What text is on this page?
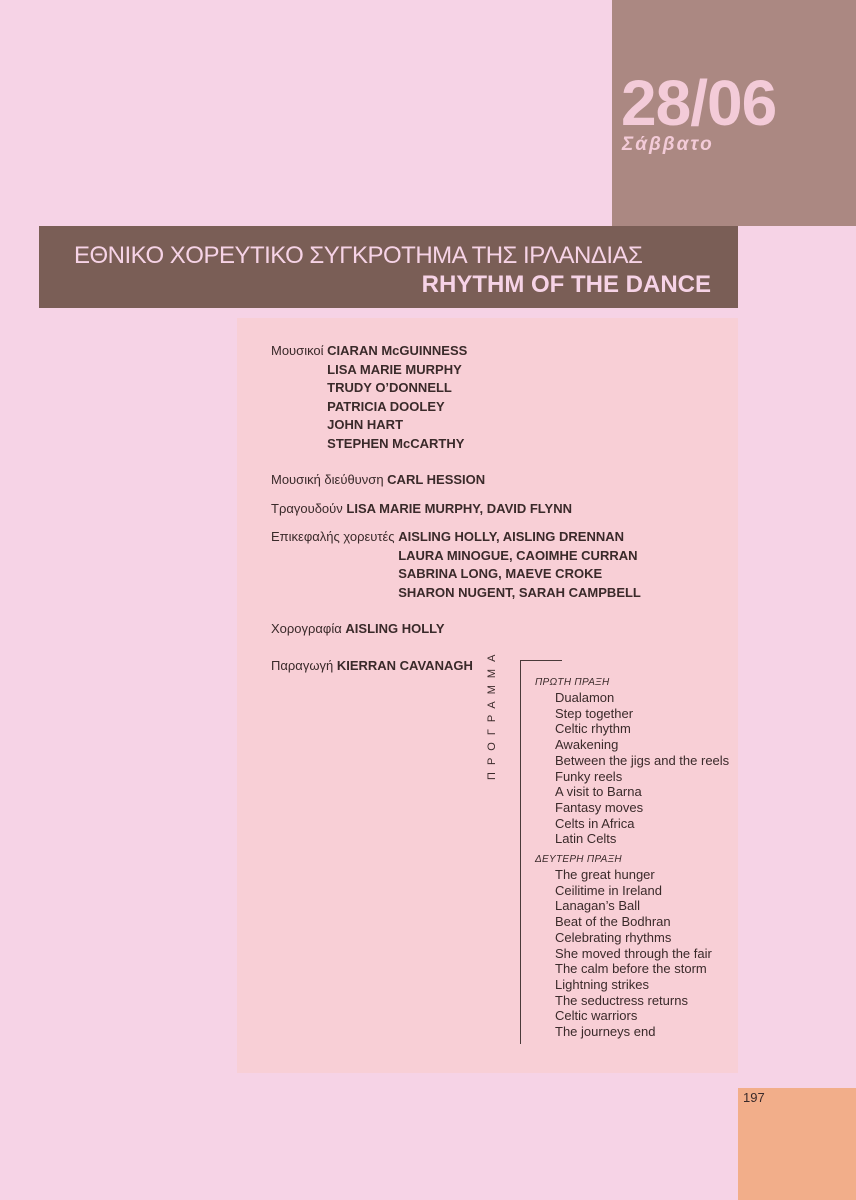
28/06
Σάββατο
ΕΘΝΙΚΟ ΧΟΡΕΥΤΙΚΟ ΣΥΓΚΡΟΤΗΜΑ ΤΗΣ ΙΡΛΑΝΔΙΑΣ
RHYTHM OF THE DANCE
Μουσικοί CIARAN McGUINNESS
LISA MARIE MURPHY
TRUDY O’DONNELL
PATRICIA DOOLEY
JOHN HART
STEPHEN McCARTHY
Μουσική διεύθυνση CARL HESSION
Τραγουδούν LISA MARIE MURPHY, DAVID FLYNN
Επικεφαλής χορευτές AISLING HOLLY, AISLING DRENNAN
LAURA MINOGUE, CAOIMHE CURRAN
SABRINA LONG, MAEVE CROKE
SHARON NUGENT, SARAH CAMPBELL
Χορογραφία AISLING HOLLY
Παραγωγή KIERRAN CAVANAGH ΠΡΟΓΡΑΜΜΑ	ΠΡΩΤΗ ΠΡΑΞΗ
Dualamon
Step together
Celtic rhythm
Awakening
Between the jigs and the reels
Funky reels
A visit to Barna
Fantasy moves
Celts in Africa
Latin Celts
ΔΕΥΤΕΡΗ ΠΡΑΞΗ
The great hunger
Ceilitime in Ireland
Lanagan’s Ball
Beat of the Bodhran
Celebrating rhythms
She moved through the fair
The calm before the storm
Lightning strikes
The seductress returns
Celtic warriors
The journeys end
197
